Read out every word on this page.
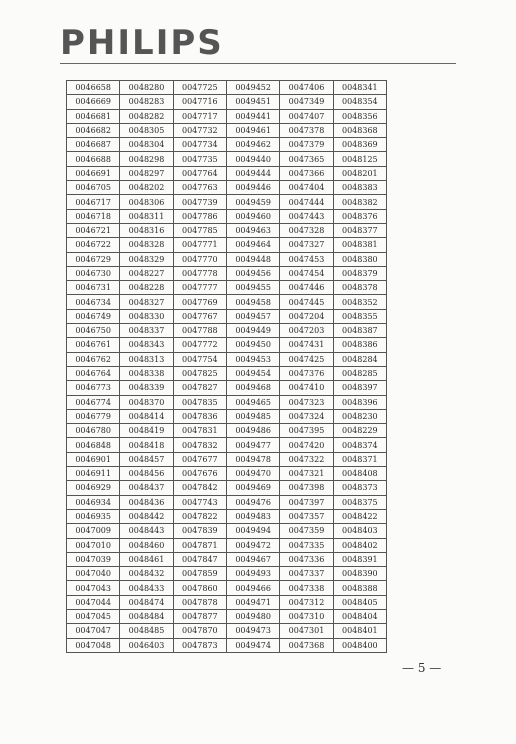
PHILIPS
0046658	0048280	0047725	0049452	0047406	0048341
0046669	0048283	0047716	0049451	0047349	0048354
0046681	0048282	0047717	0049441	0047407	0048356
0046682	0048305	0047732	0049461	0047378	0048368
0046687	0048304	0047734	0049462	0047379	0048369
0046688	0048298	0047735	0049440	0047365	0048125
0046691	0048297	0047764	0049444	0047366	0048201
0046705	0048202	0047763	0049446	0047404	0048383
0046717	0048306	0047739	0049459	0047444	0048382
0046718	0048311	0047786	0049460	0047443	0048376
0046721	0048316	0047785	0049463	0047328	0048377
0046722	0048328	0047771	0049464	0047327	0048381
0046729	0048329	0047770	0049448	0047453	0048380
0046730	0048227	0047778	0049456	0047454	0048379
0046731	0048228	0047777	0049455	0047446	0048378
0046734	0048327	0047769	0049458	0047445	0048352
0046749	0048330	0047767	0049457	0047204	0048355
0046750	0048337	0047788	0049449	0047203	0048387
0046761	0048343	0047772	0049450	0047431	0048386
0046762	0048313	0047754	0049453	0047425	0048284
0046764	0048338	0047825	0049454	0047376	0048285
0046773	0048339	0047827	0049468	0047410	0048397
0046774	0048370	0047835	0049465	0047323	0048396
0046779	0048414	0047836	0049485	0047324	0048230
0046780	0048419	0047831	0049486	0047395	0048229
0046848	0048418	0047832	0049477	0047420	0048374
0046901	0048457	0047677	0049478	0047322	0048371
0046911	0048456	0047676	0049470	0047321	0048408
0046929	0048437	0047842	0049469	0047398	0048373
0046934	0048436	0047743	0049476	0047397	0048375
0046935	0048442	0047822	0049483	0047357	0048422
0047009	0048443	0047839	0049494	0047359	0048403
0047010	0048460	0047871	0049472	0047335	0048402
0047039	0048461	0047847	0049467	0047336	0048391
0047040	0048432	0047859	0049493	0047337	0048390
0047043	0048433	0047860	0049466	0047338	0048388
0047044	0048474	0047878	0049471	0047312	0048405
0047045	0048484	0047877	0049480	0047310	0048404
0047047	0048485	0047870	0049473	0047301	0048401
0047048	0046403	0047873	0049474	0047368	0048400
— 5 —
